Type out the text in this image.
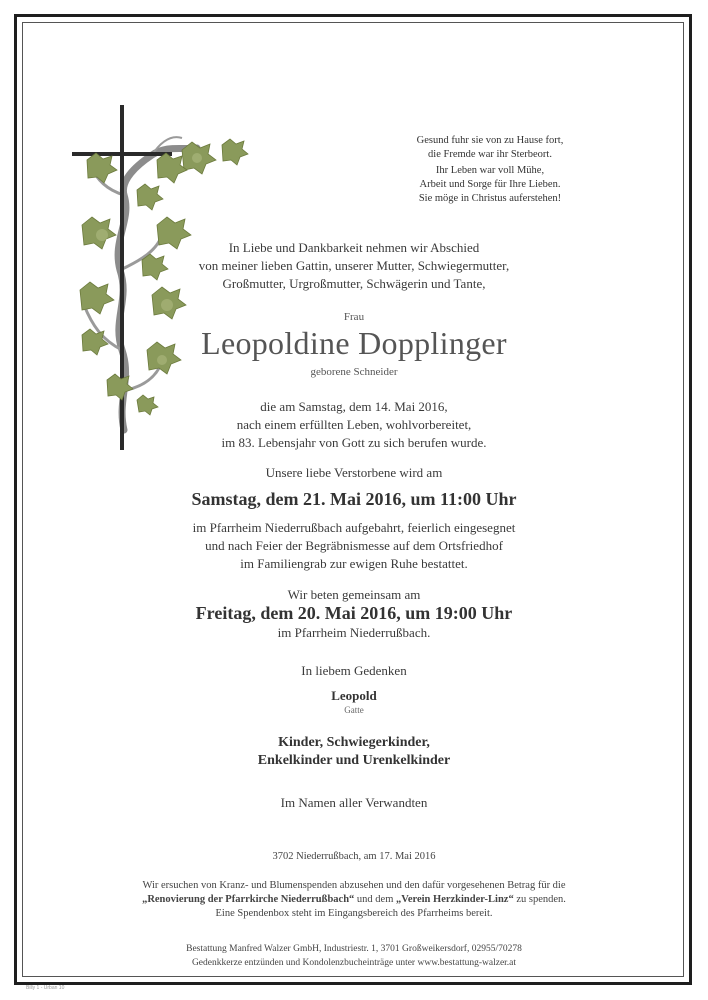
Gesund fuhr sie von zu Hause fort,

die Fremde war ihr Sterbeort.

Ihr Leben war voll Mühe,

Arbeit und Sorge für Ihre Lieben.

Sie möge in Christus auferstehen!

In Liebe und Dankbarkeit nehmen wir Abschied

von meiner lieben Gattin, unserer Mutter, Schwiegermutter,

Großmutter, Urgroßmutter, Schwägerin und Tante,

Frau

Leopoldine Dopplinger

geborene Schneider

die am Samstag, dem 14. Mai 2016,

nach einem erfüllten Leben, wohlvorbereitet,

im 83. Lebensjahr von Gott zu sich berufen wurde.

Unsere liebe Verstorbene wird am

Samstag, dem 21. Mai 2016, um 11:00 Uhr

im Pfarrheim Niederrußbach aufgebahrt, feierlich eingesegnet

und nach Feier der Begräbnismesse auf dem Ortsfriedhof

im Familiengrab zur ewigen Ruhe bestattet.

Wir beten gemeinsam am

Freitag, dem 20. Mai 2016, um 19:00 Uhr

im Pfarrheim Niederrußbach.

In liebem Gedenken

Leopold

Gatte

Kinder, Schwiegerkinder,

Enkelkinder und Urenkelkinder

Im Namen aller Verwandten

3702 Niederrußbach, am 17. Mai 2016

Wir ersuchen von Kranz- und Blumenspenden abzusehen und den dafür vorgesehenen Betrag für die

„Renovierung der Pfarrkirche Niederrußbach“ und dem „Verein Herzkinder-Linz“ zu spenden.

Eine Spendenbox steht im Eingangsbereich des Pfarrheims bereit.

Bestattung Manfred Walzer GmbH, Industriestr. 1, 3701 Großweikersdorf, 02955/70278

Gedenkkerze entzünden und Kondolenzbucheinträge unter www.bestattung-walzer.at

Billy 1 - Urban 10
